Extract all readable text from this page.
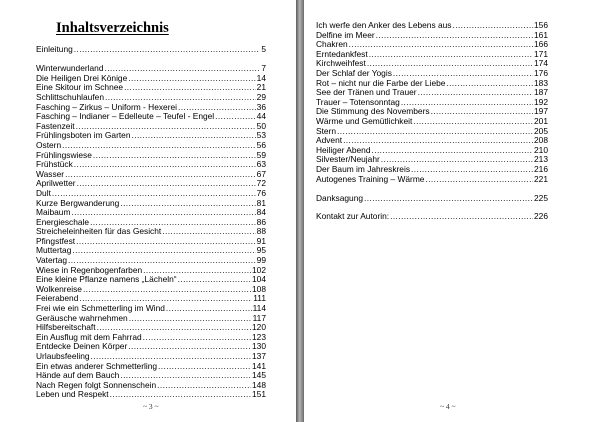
Inhaltsverzeichnis
Einleitung .....	5
Winterwunderland .....	7
Die Heiligen Drei Könige .....	14
Eine Skitour im Schnee .....	21
Schlittschuhlaufen .....	29
Fasching – Zirkus – Uniform - Hexerei .....	36
Fasching – Indianer – Edelleute – Teufel - Engel .....	44
Fastenzeit .....	50
Frühlingsboten im Garten .....	53
Ostern .....	56
Frühlingswiese .....	59
Frühstück .....	63
Wasser .....	67
Aprilwetter .....	72
Dult .....	76
Kurze Bergwanderung .....	81
Maibaum .....	84
Energieschale .....	86
Streicheleinheiten für das Gesicht .....	88
Pfingstfest .....	91
Muttertag .....	95
Vatertag .....	99
Wiese in Regenbogenfarben .....	102
Eine kleine Pflanze namens „Lächeln“ .....	104
Wolkenreise .....	108
Feierabend .....	111
Frei wie ein Schmetterling im Wind .....	114
Geräusche wahrnehmen .....	117
Hilfsbereitschaft .....	120
Ein Ausflug mit dem Fahrrad .....	123
Entdecke Deinen Körper .....	130
Urlaubsfeeling .....	137
Ein etwas anderer Schmetterling .....	141
Hände auf dem Bauch .....	145
Nach Regen folgt Sonnenschein .....	148
Leben und Respekt .....	151
~ 3 ~
Ich werfe den Anker des Lebens aus .....	156
Delfine im Meer .....	161
Chakren .....	166
Erntedankfest .....	171
Kirchweihfest .....	174
Der Schlaf der Yogis .....	176
Rot – nicht nur die Farbe der Liebe .....	183
See der Tränen und Trauer .....	187
Trauer – Totensonntag .....	192
Die Stimmung des Novembers .....	197
Wärme und Gemütlichkeit .....	201
Stern .....	205
Advent .....	208
Heiliger Abend .....	210
Silvester/Neujahr .....	213
Der Baum im Jahreskreis .....	216
Autogenes Training – Wärme .....	221
Danksagung .....	225
Kontakt zur Autorin: .....	226
~ 4 ~
